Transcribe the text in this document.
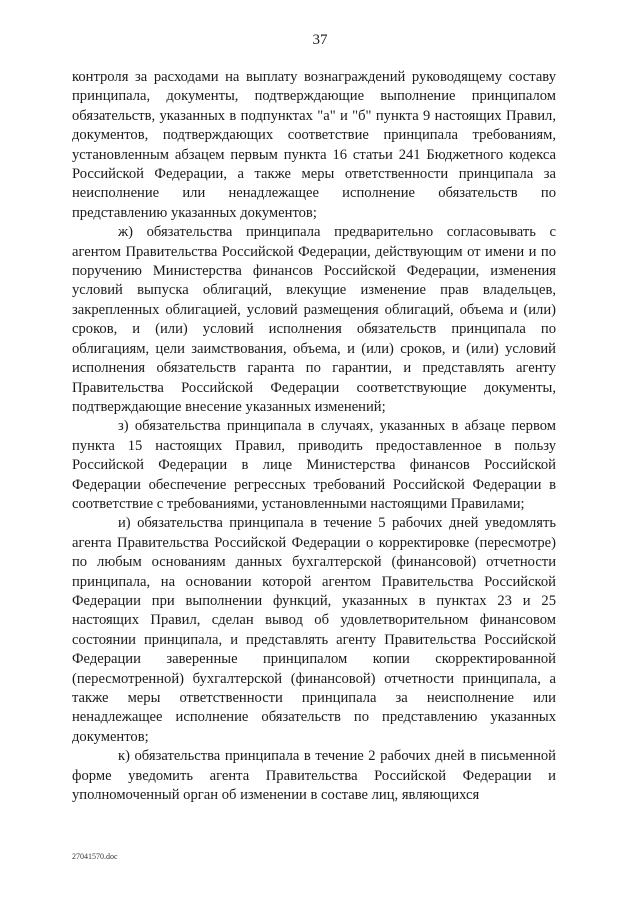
37

контроля за расходами на выплату вознаграждений руководящему составу принципала, документы, подтверждающие выполнение принципалом обязательств, указанных в подпунктах "а" и "б" пункта 9 настоящих Правил, документов, подтверждающих соответствие принципала требованиям, установленным абзацем первым пункта 16 статьи 241 Бюджетного кодекса Российской Федерации, а также меры ответственности принципала за неисполнение или ненадлежащее исполнение обязательств по представлению указанных документов;

ж) обязательства принципала предварительно согласовывать с агентом Правительства Российской Федерации, действующим от имени и по поручению Министерства финансов Российской Федерации, изменения условий выпуска облигаций, влекущие изменение прав владельцев, закрепленных облигацией, условий размещения облигаций, объема и (или) сроков, и (или) условий исполнения обязательств принципала по облигациям, цели заимствования, объема, и (или) сроков, и (или) условий исполнения обязательств гаранта по гарантии, и представлять агенту Правительства Российской Федерации соответствующие документы, подтверждающие внесение указанных изменений;

з) обязательства принципала в случаях, указанных в абзаце первом пункта 15 настоящих Правил, приводить предоставленное в пользу Российской Федерации в лице Министерства финансов Российской Федерации обеспечение регрессных требований Российской Федерации в соответствие с требованиями, установленными настоящими Правилами;

и) обязательства принципала в течение 5 рабочих дней уведомлять агента Правительства Российской Федерации о корректировке (пересмотре) по любым основаниям данных бухгалтерской (финансовой) отчетности принципала, на основании которой агентом Правительства Российской Федерации при выполнении функций, указанных в пунктах 23 и 25 настоящих Правил, сделан вывод об удовлетворительном финансовом состоянии принципала, и представлять агенту Правительства Российской Федерации заверенные принципалом копии скорректированной (пересмотренной) бухгалтерской (финансовой) отчетности принципала, а также меры ответственности принципала за неисполнение или ненадлежащее исполнение обязательств по представлению указанных документов;

к) обязательства принципала в течение 2 рабочих дней в письменной форме уведомить агента Правительства Российской Федерации и уполномоченный орган об изменении в составе лиц, являющихся

27041570.doc
